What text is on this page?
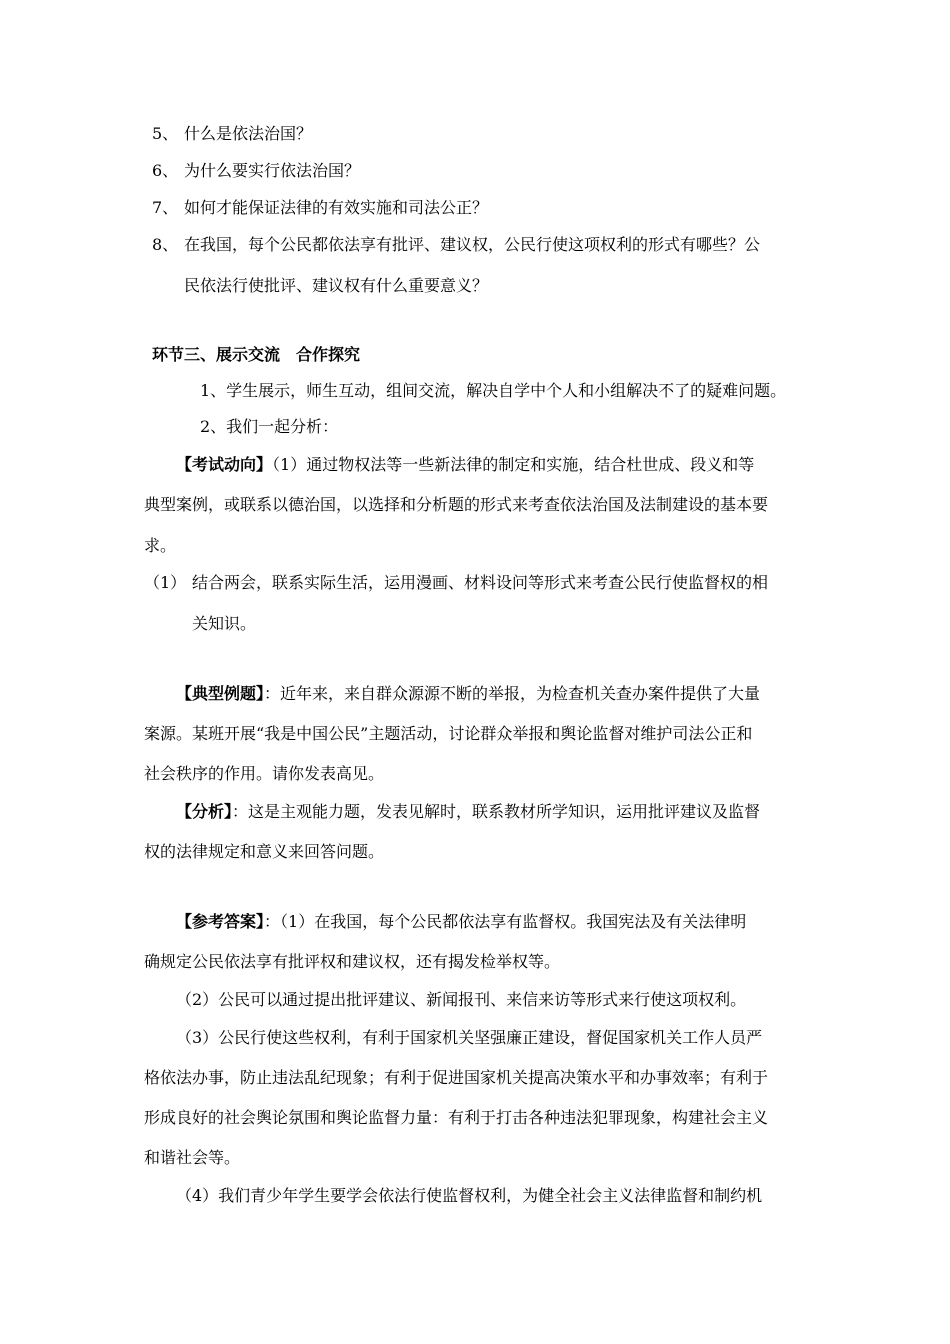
5、 什么是依法治国？
6、 为什么要实行依法治国？
7、 如何才能保证法律的有效实施和司法公正？
8、 在我国，每个公民都依法享有批评、建议权，公民行使这项权利的形式有哪些？公
民依法行使批评、建议权有什么重要意义？
环节三、展示交流　合作探究
1、学生展示，师生互动，组间交流，解决自学中个人和小组解决不了的疑难问题。
2、我们一起分析：
【考试动向】（1）通过物权法等一些新法律的制定和实施，结合杜世成、段义和等
典型案例，或联系以德治国，以选择和分析题的形式来考查依法治国及法制建设的基本要
求。
（1） 结合两会，联系实际生活，运用漫画、材料设问等形式来考查公民行使监督权的相
关知识。
【典型例题】：近年来，来自群众源源不断的举报，为检查机关查办案件提供了大量
案源。某班开展“我是中国公民”主题活动，讨论群众举报和舆论监督对维护司法公正和
社会秩序的作用。请你发表高见。
【分析】：这是主观能力题，发表见解时，联系教材所学知识，运用批评建议及监督
权的法律规定和意义来回答问题。
【参考答案】：（1）在我国，每个公民都依法享有监督权。我国宪法及有关法律明
确规定公民依法享有批评权和建议权，还有揭发检举权等。
（2）公民可以通过提出批评建议、新闻报刊、来信来访等形式来行使这项权利。
（3）公民行使这些权利，有利于国家机关坚强廉正建设，督促国家机关工作人员严
格依法办事，防止违法乱纪现象；有利于促进国家机关提高决策水平和办事效率；有利于
形成良好的社会舆论氛围和舆论监督力量：有利于打击各种违法犯罪现象，构建社会主义
和谐社会等。
（4）我们青少年学生要学会依法行使监督权利，为健全社会主义法律监督和制约机
